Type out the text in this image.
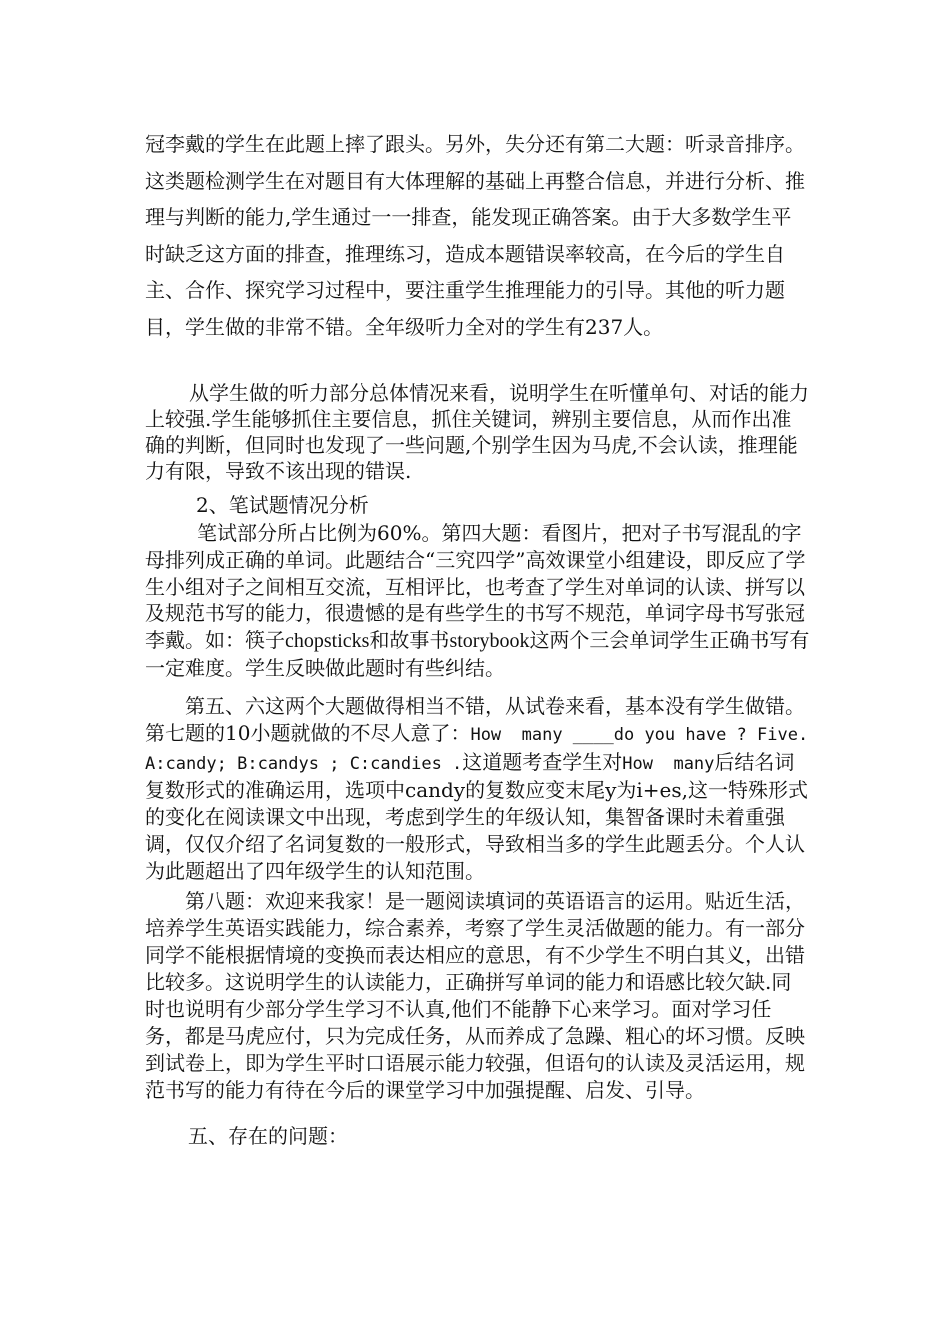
冠李戴的学生在此题上摔了跟头。另外，失分还有第二大题：听录音排序。这类题检测学生在对题目有大体理解的基础上再整合信息，并进行分析、推理与判断的能力,学生通过一一排查，能发现正确答案。由于大多数学生平时缺乏这方面的排查，推理练习，造成本题错误率较高，在今后的学生自主、合作、探究学习过程中，要注重学生推理能力的引导。其他的听力题目，学生做的非常不错。全年级听力全对的学生有237人。

从学生做的听力部分总体情况来看，说明学生在听懂单句、对话的能力上较强.学生能够抓住主要信息，抓住关键词，辨别主要信息，从而作出准确的判断，但同时也发现了一些问题,个别学生因为马虎,不会认读，推理能力有限，导致不该出现的错误.

2、笔试题情况分析

笔试部分所占比例为60%。第四大题：看图片，把对子书写混乱的字母排列成正确的单词。此题结合“三究四学”高效课堂小组建设，即反应了学生小组对子之间相互交流，互相评比，也考查了学生对单词的认读、拼写以及规范书写的能力，很遗憾的是有些学生的书写不规范，单词字母书写张冠李戴。如：筷子chopsticks和故事书storybook这两个三会单词学生正确书写有一定难度。学生反映做此题时有些纠结。

第五、六这两个大题做得相当不错，从试卷来看，基本没有学生做错。第七题的10小题就做的不尽人意了：How  many ____do you have ? Five. A:candy; B:candys ; C:candies .这道题考查学生对How  many后结名词复数形式的准确运用，选项中candy的复数应变末尾y为i+es,这一特殊形式的变化在阅读课文中出现，考虑到学生的年级认知，集智备课时未着重强调，仅仅介绍了名词复数的一般形式，导致相当多的学生此题丢分。个人认为此题超出了四年级学生的认知范围。

第八题：欢迎来我家！是一题阅读填词的英语语言的运用。贴近生活，培养学生英语实践能力，综合素养，考察了学生灵活做题的能力。有一部分同学不能根据情境的变换而表达相应的意思，有不少学生不明白其义，出错比较多。这说明学生的认读能力，正确拼写单词的能力和语感比较欠缺.同时也说明有少部分学生学习不认真,他们不能静下心来学习。面对学习任务，都是马虎应付，只为完成任务，从而养成了急躁、粗心的坏习惯。反映到试卷上，即为学生平时口语展示能力较强，但语句的认读及灵活运用，规范书写的能力有待在今后的课堂学习中加强提醒、启发、引导。

五、存在的问题：
